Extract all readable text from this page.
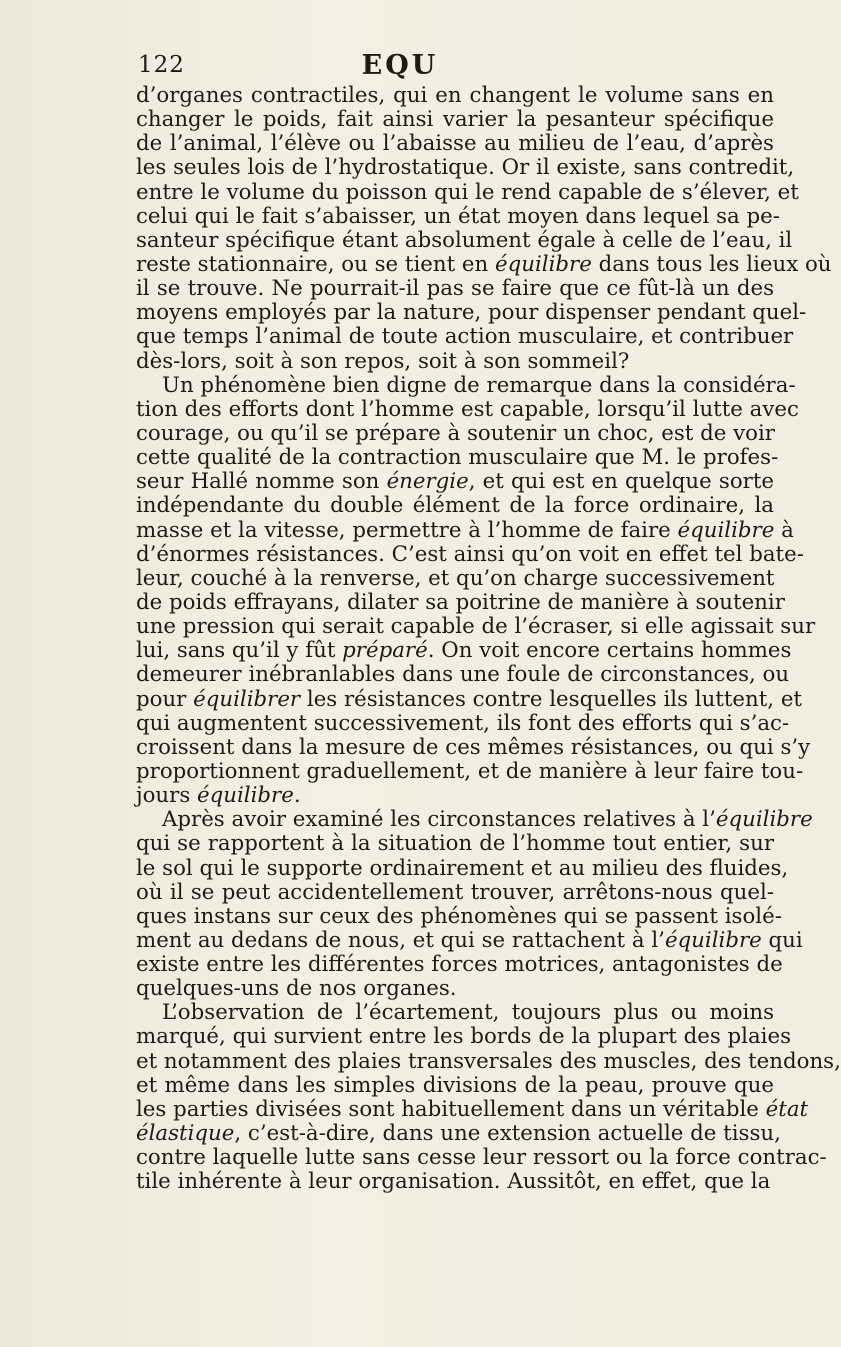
122	EQU
d’organes contractiles, qui en changent le volume sans en
changer le poids, fait ainsi varier la pesanteur spécifique
de l’animal, l’élève ou l’abaisse au milieu de l’eau, d’après
les seules lois de l’hydrostatique. Or il existe, sans contredit,
entre le volume du poisson qui le rend capable de s’élever, et
celui qui le fait s’abaisser, un état moyen dans lequel sa pe-
santeur spécifique étant absolument égale à celle de l’eau, il
reste stationnaire, ou se tient en équilibre dans tous les lieux où
il se trouve. Ne pourrait-il pas se faire que ce fût-là un des
moyens employés par la nature, pour dispenser pendant quel-
que temps l’animal de toute action musculaire, et contribuer
dès-lors, soit à son repos, soit à son sommeil?
Un phénomène bien digne de remarque dans la considéra-
tion des efforts dont l’homme est capable, lorsqu’il lutte avec
courage, ou qu’il se prépare à soutenir un choc, est de voir
cette qualité de la contraction musculaire que M. le profes-
seur Hallé nomme son énergie, et qui est en quelque sorte
indépendante du double élément de la force ordinaire, la
masse et la vitesse, permettre à l’homme de faire équilibre à
d’énormes résistances. C’est ainsi qu’on voit en effet tel bate-
leur, couché à la renverse, et qu’on charge successivement
de poids effrayans, dilater sa poitrine de manière à soutenir
une pression qui serait capable de l’écraser, si elle agissait sur
lui, sans qu’il y fût préparé. On voit encore certains hommes
demeurer inébranlables dans une foule de circonstances, ou
pour équilibrer les résistances contre lesquelles ils luttent, et
qui augmentent successivement, ils font des efforts qui s’ac-
croissent dans la mesure de ces mêmes résistances, ou qui s’y
proportionnent graduellement, et de manière à leur faire tou-
jours équilibre.
Après avoir examiné les circonstances relatives à l’équilibre
qui se rapportent à la situation de l’homme tout entier, sur
le sol qui le supporte ordinairement et au milieu des fluides,
où il se peut accidentellement trouver, arrêtons-nous quel-
ques instans sur ceux des phénomènes qui se passent isolé-
ment au dedans de nous, et qui se rattachent à l’équilibre qui
existe entre les différentes forces motrices, antagonistes de
quelques-uns de nos organes.
L’observation de l’écartement, toujours plus ou moins
marqué, qui survient entre les bords de la plupart des plaies
et notamment des plaies transversales des muscles, des tendons,
et même dans les simples divisions de la peau, prouve que
les parties divisées sont habituellement dans un véritable état
élastique, c’est-à-dire, dans une extension actuelle de tissu,
contre laquelle lutte sans cesse leur ressort ou la force contrac-
tile inhérente à leur organisation. Aussitôt, en effet, que la
